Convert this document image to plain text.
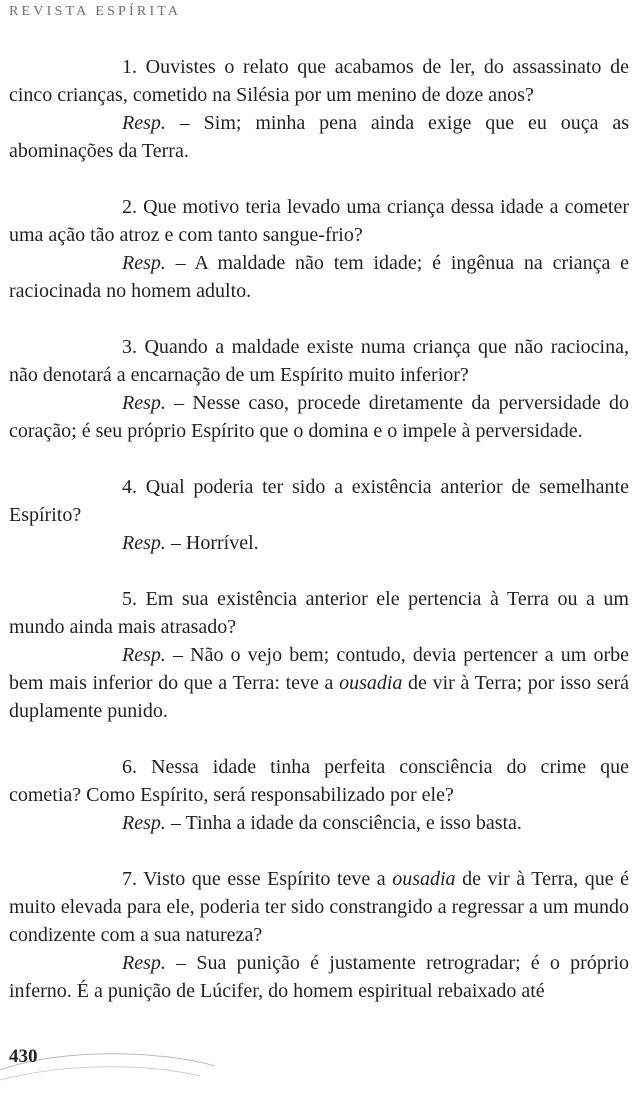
REVISTA ESPÍRITA

1. Ouvistes o relato que acabamos de ler, do assassinato de cinco crianças, cometido na Silésia por um menino de doze anos?

Resp. – Sim; minha pena ainda exige que eu ouça as abominações da Terra.

2. Que motivo teria levado uma criança dessa idade a cometer uma ação tão atroz e com tanto sangue-frio?

Resp. – A maldade não tem idade; é ingênua na criança e raciocinada no homem adulto.

3. Quando a maldade existe numa criança que não raciocina, não denotará a encarnação de um Espírito muito inferior?

Resp. – Nesse caso, procede diretamente da perversidade do coração; é seu próprio Espírito que o domina e o impele à perversidade.

4. Qual poderia ter sido a existência anterior de semelhante Espírito?

Resp. – Horrível.

5. Em sua existência anterior ele pertencia à Terra ou a um mundo ainda mais atrasado?

Resp. – Não o vejo bem; contudo, devia pertencer a um orbe bem mais inferior do que a Terra: teve a ousadia de vir à Terra; por isso será duplamente punido.

6. Nessa idade tinha perfeita consciência do crime que cometia? Como Espírito, será responsabilizado por ele?

Resp. – Tinha a idade da consciência, e isso basta.

7. Visto que esse Espírito teve a ousadia de vir à Terra, que é muito elevada para ele, poderia ter sido constrangido a regressar a um mundo condizente com a sua natureza?

Resp. – Sua punição é justamente retrogradar; é o próprio inferno. É a punição de Lúcifer, do homem espiritual rebaixado até

430
